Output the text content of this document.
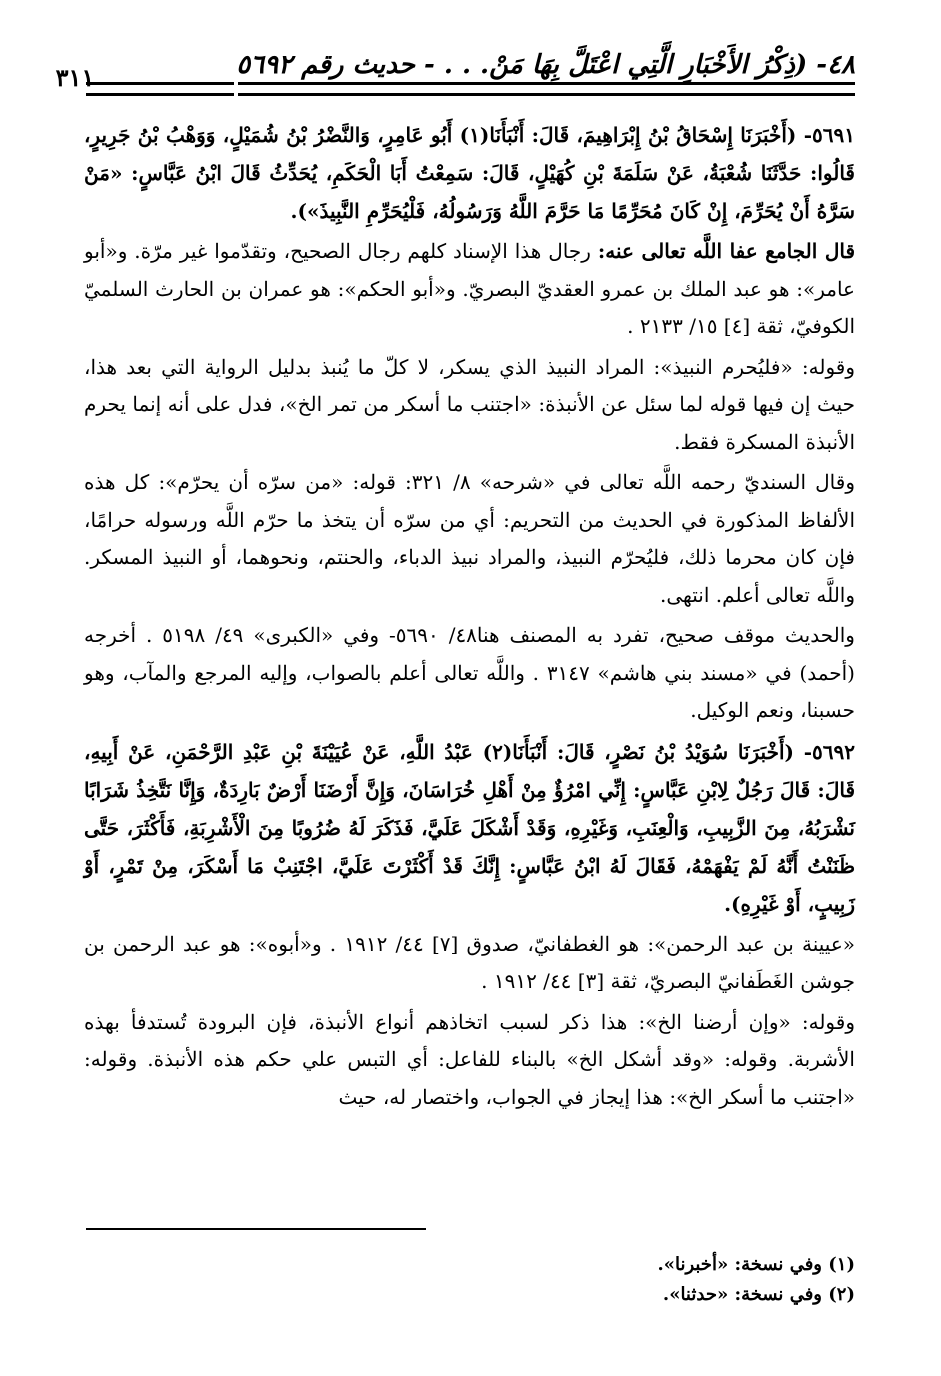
٤٨- (ذِكْرُ الأَخْبَارِ الَّتِي اعْتَلَّ بِهَا مَنْ. . . - حديث رقم ٥٦٩٢
٣١١

٥٦٩١- (أَخْبَرَنَا إِسْحَاقُ بْنُ إِبْرَاهِيمَ، قَالَ: أَنْبَأَنَا(١) أَبُو عَامِرٍ، وَالنَّضْرُ بْنُ شُمَيْلٍ، وَوَهْبُ بْنُ جَرِيرٍ، قَالُوا: حَدَّثَنَا شُعْبَةُ، عَنْ سَلَمَةَ بْنِ كُهَيْلٍ، قَالَ: سَمِعْتُ أَبَا الْحَكَمِ، يُحَدِّثُ قَالَ ابْنُ عَبَّاسٍ: «مَنْ سَرَّهُ أَنْ يُحَرِّمَ، إِنْ كَانَ مُحَرِّمًا مَا حَرَّمَ اللَّهُ وَرَسُولُهُ، فَلْيُحَرِّمِ النَّبِيذَ»).

قال الجامع عفا اللَّه تعالى عنه: رجال هذا الإسناد كلهم رجال الصحيح، وتقدّموا غير مرّة. و«أبو عامر»: هو عبد الملك بن عمرو العقديّ البصريّ. و«أبو الحكم»: هو عمران بن الحارث السلميّ الكوفيّ، ثقة [٤] ١٥/ ٢١٣٣ .

وقوله: «فليُحرم النبيذ»: المراد النبيذ الذي يسكر، لا كلّ ما يُنبذ بدليل الرواية التي بعد هذا، حيث إن فيها قوله لما سئل عن الأنبذة: «اجتنب ما أسكر من تمر الخ»، فدل على أنه إنما يحرم الأنبذة المسكرة فقط.

وقال السنديّ رحمه اللَّه تعالى في «شرحه» ٨/ ٣٢١: قوله: «من سرّه أن يحرّم»: كل هذه الألفاظ المذكورة في الحديث من التحريم: أي من سرّه أن يتخذ ما حرّم اللَّه ورسوله حرامًا، فإن كان محرما ذلك، فليُحرّم النبيذ، والمراد نبيذ الدباء، والحنتم، ونحوهما، أو النبيذ المسكر. واللَّه تعالى أعلم. انتهى.

والحديث موقف صحيح، تفرد به المصنف هنا٤٨/ ٥٦٩٠- وفي «الكبرى» ٤٩/ ٥١٩٨ . أخرجه (أحمد) في «مسند بني هاشم» ٣١٤٧ . واللَّه تعالى أعلم بالصواب، وإليه المرجع والمآب، وهو حسبنا، ونعم الوكيل.

٥٦٩٢- (أَخْبَرَنَا سُوَيْدُ بْنُ نَصْرٍ، قَالَ: أَنْبَأَنَا(٢) عَبْدُ اللَّهِ، عَنْ عُيَيْنَةَ بْنِ عَبْدِ الرَّحْمَنِ، عَنْ أَبِيهِ، قَالَ: قَالَ رَجُلٌ لِابْنِ عَبَّاسٍ: إِنِّي امْرُؤٌ مِنْ أَهْلِ خُرَاسَانَ، وَإِنَّ أَرْضَنَا أَرْضٌ بَارِدَةٌ، وَإِنَّا نَتَّخِذُ شَرَابًا نَشْرَبُهُ، مِنَ الزَّبِيبِ، وَالْعِنَبِ، وَغَيْرِهِ، وَقَدْ أَشْكَلَ عَلَيَّ، فَذَكَرَ لَهُ ضُرُوبًا مِنَ الْأَشْرِبَةِ، فَأَكْثَرَ، حَتَّى ظَنَنْتُ أَنَّهُ لَمْ يَفْهَمْهُ، فَقَالَ لَهُ ابْنُ عَبَّاسٍ: إِنَّكَ قَدْ أَكْثَرْتَ عَلَيَّ، اجْتَنِبْ مَا أَسْكَرَ، مِنْ تَمْرٍ، أَوْ زَبِيبٍ، أَوْ غَيْرِهِ).

«عيينة بن عبد الرحمن»: هو الغطفانيّ، صدوق [٧] ٤٤/ ١٩١٢ . و«أبوه»: هو عبد الرحمن بن جوشن الغَطَفانيّ البصريّ، ثقة [٣] ٤٤/ ١٩١٢ .

وقوله: «وإن أرضنا الخ»: هذا ذكر لسبب اتخاذهم أنواع الأنبذة، فإن البرودة تُستدفأ بهذه الأشربة. وقوله: «وقد أشكل الخ» بالبناء للفاعل: أي التبس علي حكم هذه الأنبذة. وقوله: «اجتنب ما أسكر الخ»: هذا إيجاز في الجواب، واختصار له، حيث

(١) وفي نسخة: «أخبرنا».
(٢) وفي نسخة: «حدثنا».
